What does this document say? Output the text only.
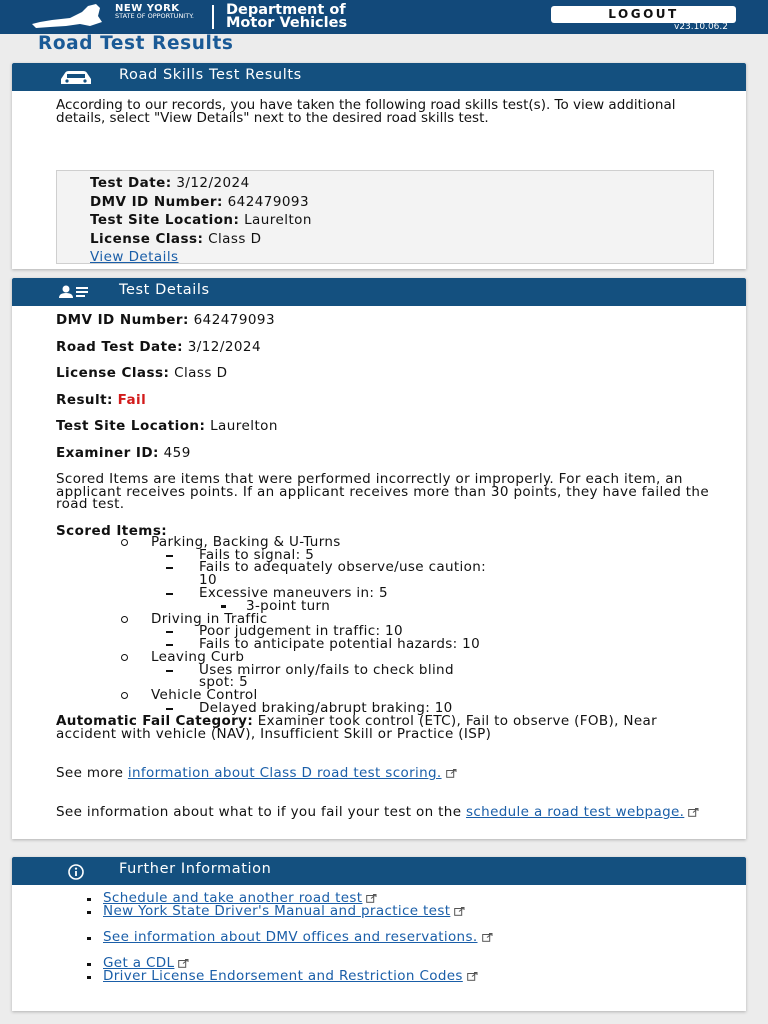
NEW YORK
STATE OF OPPORTUNITY. Department of
Motor Vehicles
LOGOUT
v23.10.06.2
Road Test Results
Road Skills Test Results

According to our records, you have taken the following road skills test(s). To view additional details, select "View Details" next to the desired road skills test.

Test Date: 3/12/2024
DMV ID Number: 642479093
Test Site Location: Laurelton
License Class: Class D
View Details
Test Details
DMV ID Number: 642479093
Road Test Date: 3/12/2024
License Class: Class D
Result: Fail
Test Site Location: Laurelton
Examiner ID: 459

Scored Items are items that were performed incorrectly or improperly. For each item, an applicant receives points. If an applicant receives more than 30 points, they have failed the road test.

Scored Items:
Parking, Backing & U-Turns
Fails to signal: 5
Fails to adequately observe/use caution:
10
Excessive maneuvers in: 5
3-point turn
Driving in Traffic
Poor judgement in traffic: 10
Fails to anticipate potential hazards: 10
Leaving Curb
Uses mirror only/fails to check blind
spot: 5
Vehicle Control
Delayed braking/abrupt braking: 10

Automatic Fail Category: Examiner took control (ETC), Fail to observe (FOB), Near accident with vehicle (NAV), Insufficient Skill or Practice (ISP)

See more information about Class D road test scoring.

See information about what to if you fail your test on the schedule a road test webpage.

Further Information
Schedule and take another road test
New York State Driver's Manual and practice test
See information about DMV offices and reservations.
Get a CDL
Driver License Endorsement and Restriction Codes
